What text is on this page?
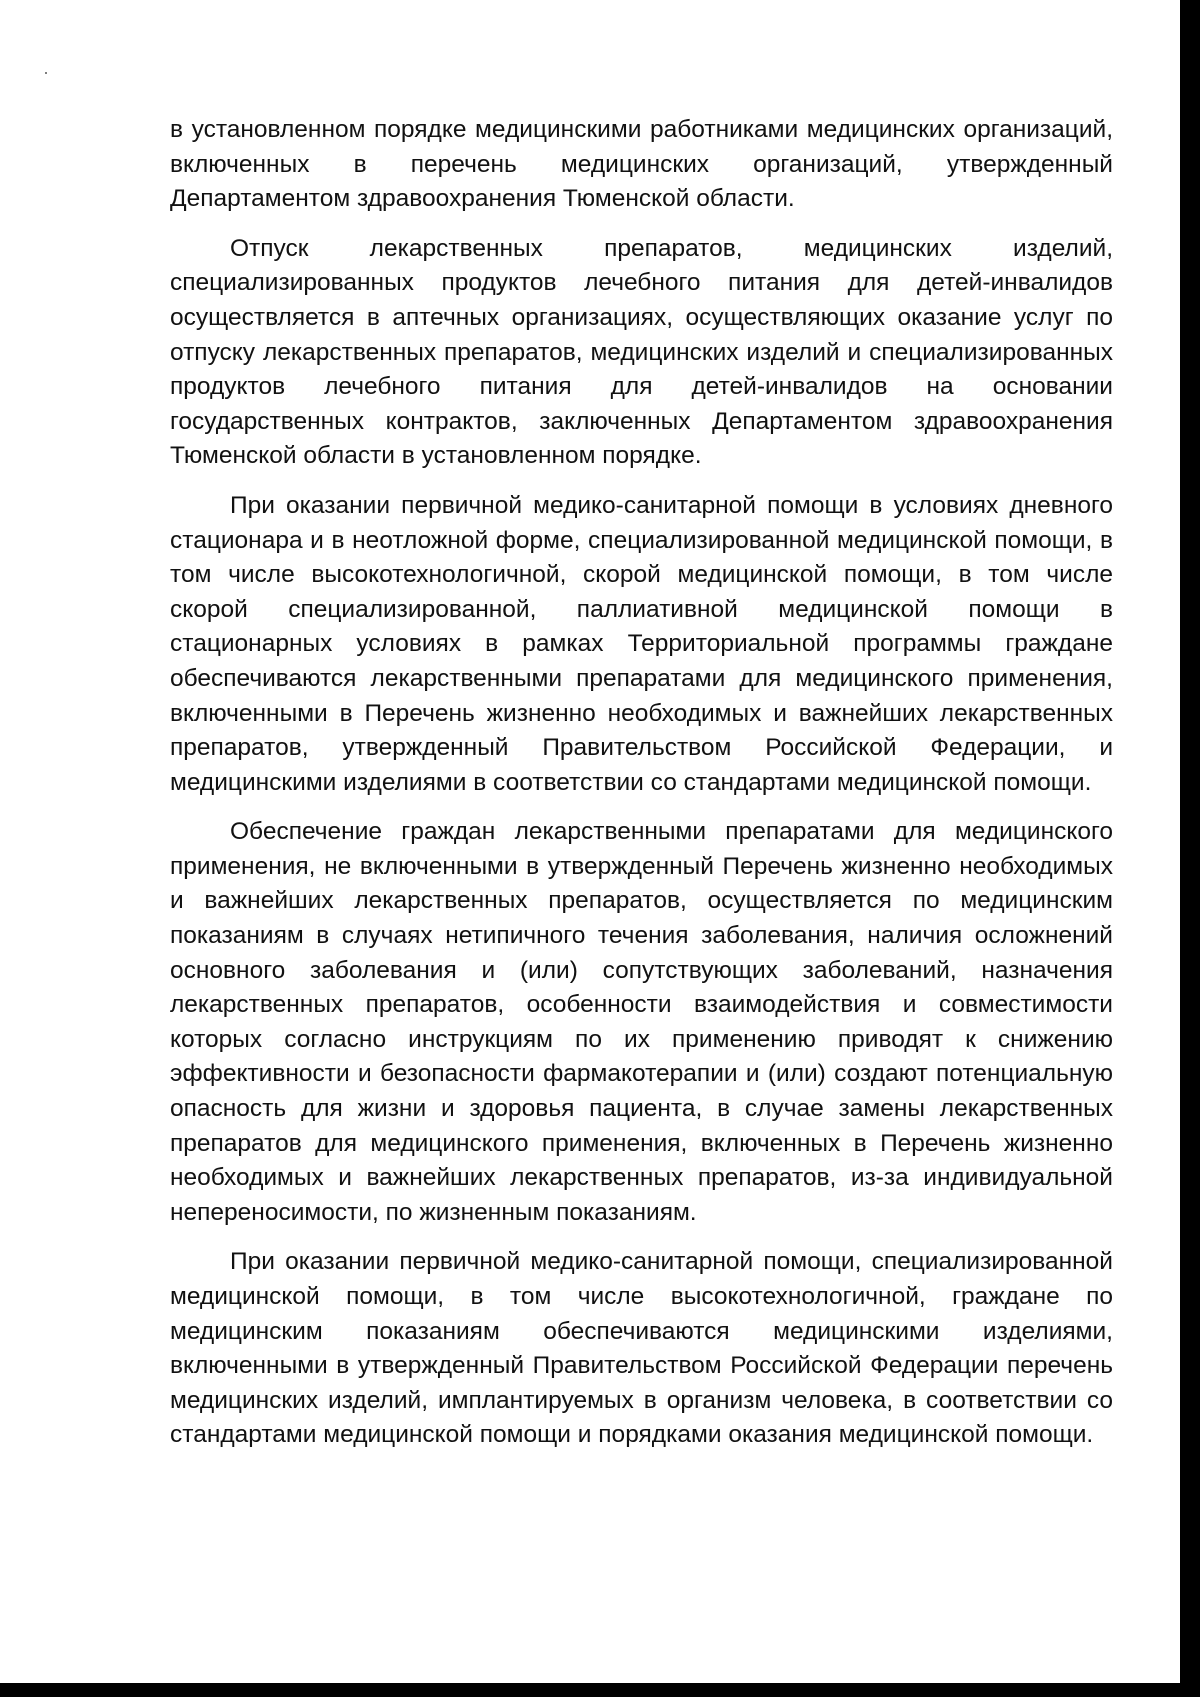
в установленном порядке медицинскими работниками медицинских организаций, включенных в перечень медицинских организаций, утвержденный Департаментом здравоохранения Тюменской области.

Отпуск лекарственных препаратов, медицинских изделий, специализированных продуктов лечебного питания для детей-инвалидов осуществляется в аптечных организациях, осуществляющих оказание услуг по отпуску лекарственных препаратов, медицинских изделий и специализированных продуктов лечебного питания для детей-инвалидов на основании государственных контрактов, заключенных Департаментом здравоохранения Тюменской области в установленном порядке.

При оказании первичной медико-санитарной помощи в условиях дневного стационара и в неотложной форме, специализированной медицинской помощи, в том числе высокотехнологичной, скорой медицинской помощи, в том числе скорой специализированной, паллиативной медицинской помощи в стационарных условиях в рамках Территориальной программы граждане обеспечиваются лекарственными препаратами для медицинского применения, включенными в Перечень жизненно необходимых и важнейших лекарственных препаратов, утвержденный Правительством Российской Федерации, и медицинскими изделиями в соответствии со стандартами медицинской помощи.

Обеспечение граждан лекарственными препаратами для медицинского применения, не включенными в утвержденный Перечень жизненно необходимых и важнейших лекарственных препаратов, осуществляется по медицинским показаниям в случаях нетипичного течения заболевания, наличия осложнений основного заболевания и (или) сопутствующих заболеваний, назначения лекарственных препаратов, особенности взаимодействия и совместимости которых согласно инструкциям по их применению приводят к снижению эффективности и безопасности фармакотерапии и (или) создают потенциальную опасность для жизни и здоровья пациента, в случае замены лекарственных препаратов для медицинского применения, включенных в Перечень жизненно необходимых и важнейших лекарственных препаратов, из-за индивидуальной непереносимости, по жизненным показаниям.

При оказании первичной медико-санитарной помощи, специализированной медицинской помощи, в том числе высокотехнологичной, граждане по медицинским показаниям обеспечиваются медицинскими изделиями, включенными в утвержденный Правительством Российской Федерации перечень медицинских изделий, имплантируемых в организм человека, в соответствии со стандартами медицинской помощи и порядками оказания медицинской помощи.
